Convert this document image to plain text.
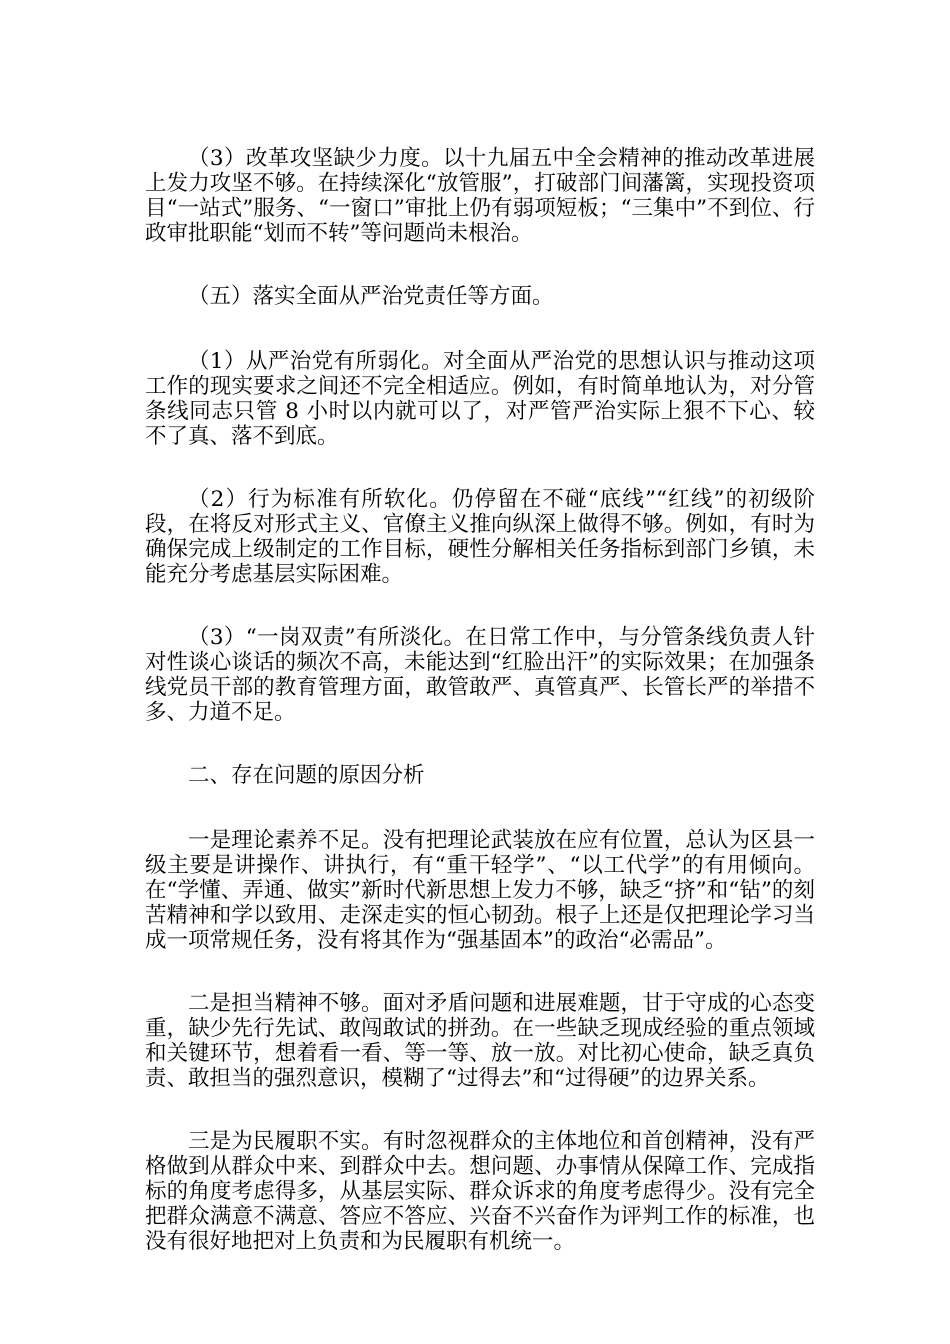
（3）改革攻坚缺少力度。以十九届五中全会精神的推动改革进展上发力攻坚不够。在持续深化“放管服”，打破部门间藩篱，实现投资项目“一站式”服务、“一窗口”审批上仍有弱项短板；“三集中”不到位、行政审批职能“划而不转”等问题尚未根治。

（五）落实全面从严治党责任等方面。

（1）从严治党有所弱化。对全面从严治党的思想认识与推动这项工作的现实要求之间还不完全相适应。例如，有时简单地认为，对分管条线同志只管 8 小时以内就可以了，对严管严治实际上狠不下心、较不了真、落不到底。

（2）行为标准有所软化。仍停留在不碰“底线”“红线”的初级阶段，在将反对形式主义、官僚主义推向纵深上做得不够。例如，有时为确保完成上级制定的工作目标，硬性分解相关任务指标到部门乡镇，未能充分考虑基层实际困难。

（3）“一岗双责”有所淡化。在日常工作中，与分管条线负责人针对性谈心谈话的频次不高，未能达到“红脸出汗”的实际效果；在加强条线党员干部的教育管理方面，敢管敢严、真管真严、长管长严的举措不多、力道不足。

二、存在问题的原因分析

一是理论素养不足。没有把理论武装放在应有位置，总认为区县一级主要是讲操作、讲执行，有“重干轻学”、“以工代学”的有用倾向。在“学懂、弄通、做实”新时代新思想上发力不够，缺乏“挤”和“钻”的刻苦精神和学以致用、走深走实的恒心韧劲。根子上还是仅把理论学习当成一项常规任务，没有将其作为“强基固本”的政治“必需品”。

二是担当精神不够。面对矛盾问题和进展难题，甘于守成的心态变重，缺少先行先试、敢闯敢试的拼劲。在一些缺乏现成经验的重点领域和关键环节，想着看一看、等一等、放一放。对比初心使命，缺乏真负责、敢担当的强烈意识，模糊了“过得去”和“过得硬”的边界关系。

三是为民履职不实。有时忽视群众的主体地位和首创精神，没有严格做到从群众中来、到群众中去。想问题、办事情从保障工作、完成指标的角度考虑得多，从基层实际、群众诉求的角度考虑得少。没有完全把群众满意不满意、答应不答应、兴奋不兴奋作为评判工作的标准，也没有很好地把对上负责和为民履职有机统一。
